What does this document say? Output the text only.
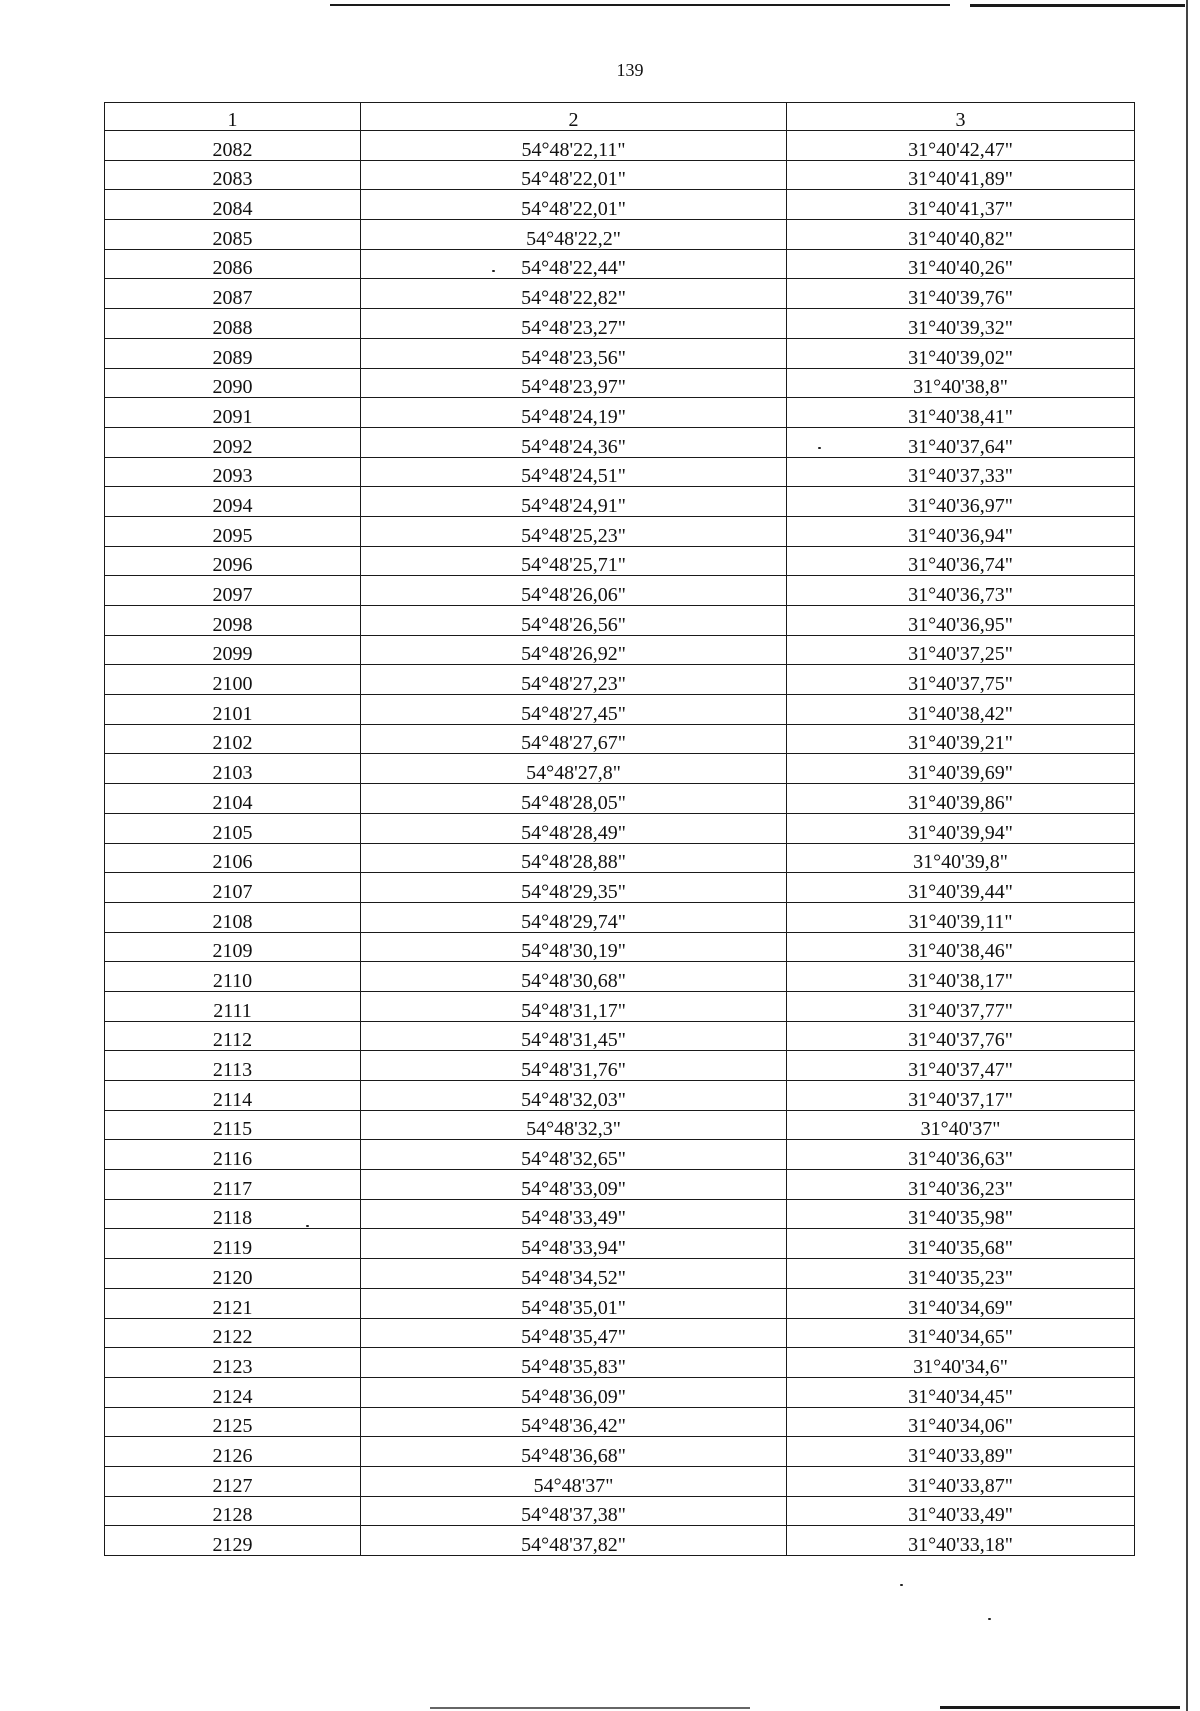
139
1	2	3
2082	54°48'22,11"	31°40'42,47"
2083	54°48'22,01"	31°40'41,89"
2084	54°48'22,01"	31°40'41,37"
2085	54°48'22,2"	31°40'40,82"
2086	54°48'22,44"	31°40'40,26"
2087	54°48'22,82"	31°40'39,76"
2088	54°48'23,27"	31°40'39,32"
2089	54°48'23,56"	31°40'39,02"
2090	54°48'23,97"	31°40'38,8"
2091	54°48'24,19"	31°40'38,41"
2092	54°48'24,36"	31°40'37,64"
2093	54°48'24,51"	31°40'37,33"
2094	54°48'24,91"	31°40'36,97"
2095	54°48'25,23"	31°40'36,94"
2096	54°48'25,71"	31°40'36,74"
2097	54°48'26,06"	31°40'36,73"
2098	54°48'26,56"	31°40'36,95"
2099	54°48'26,92"	31°40'37,25"
2100	54°48'27,23"	31°40'37,75"
2101	54°48'27,45"	31°40'38,42"
2102	54°48'27,67"	31°40'39,21"
2103	54°48'27,8"	31°40'39,69"
2104	54°48'28,05"	31°40'39,86"
2105	54°48'28,49"	31°40'39,94"
2106	54°48'28,88"	31°40'39,8"
2107	54°48'29,35"	31°40'39,44"
2108	54°48'29,74"	31°40'39,11"
2109	54°48'30,19"	31°40'38,46"
2110	54°48'30,68"	31°40'38,17"
2111	54°48'31,17"	31°40'37,77"
2112	54°48'31,45"	31°40'37,76"
2113	54°48'31,76"	31°40'37,47"
2114	54°48'32,03"	31°40'37,17"
2115	54°48'32,3"	31°40'37"
2116	54°48'32,65"	31°40'36,63"
2117	54°48'33,09"	31°40'36,23"
2118	54°48'33,49"	31°40'35,98"
2119	54°48'33,94"	31°40'35,68"
2120	54°48'34,52"	31°40'35,23"
2121	54°48'35,01"	31°40'34,69"
2122	54°48'35,47"	31°40'34,65"
2123	54°48'35,83"	31°40'34,6"
2124	54°48'36,09"	31°40'34,45"
2125	54°48'36,42"	31°40'34,06"
2126	54°48'36,68"	31°40'33,89"
2127	54°48'37"	31°40'33,87"
2128	54°48'37,38"	31°40'33,49"
2129	54°48'37,82"	31°40'33,18"
